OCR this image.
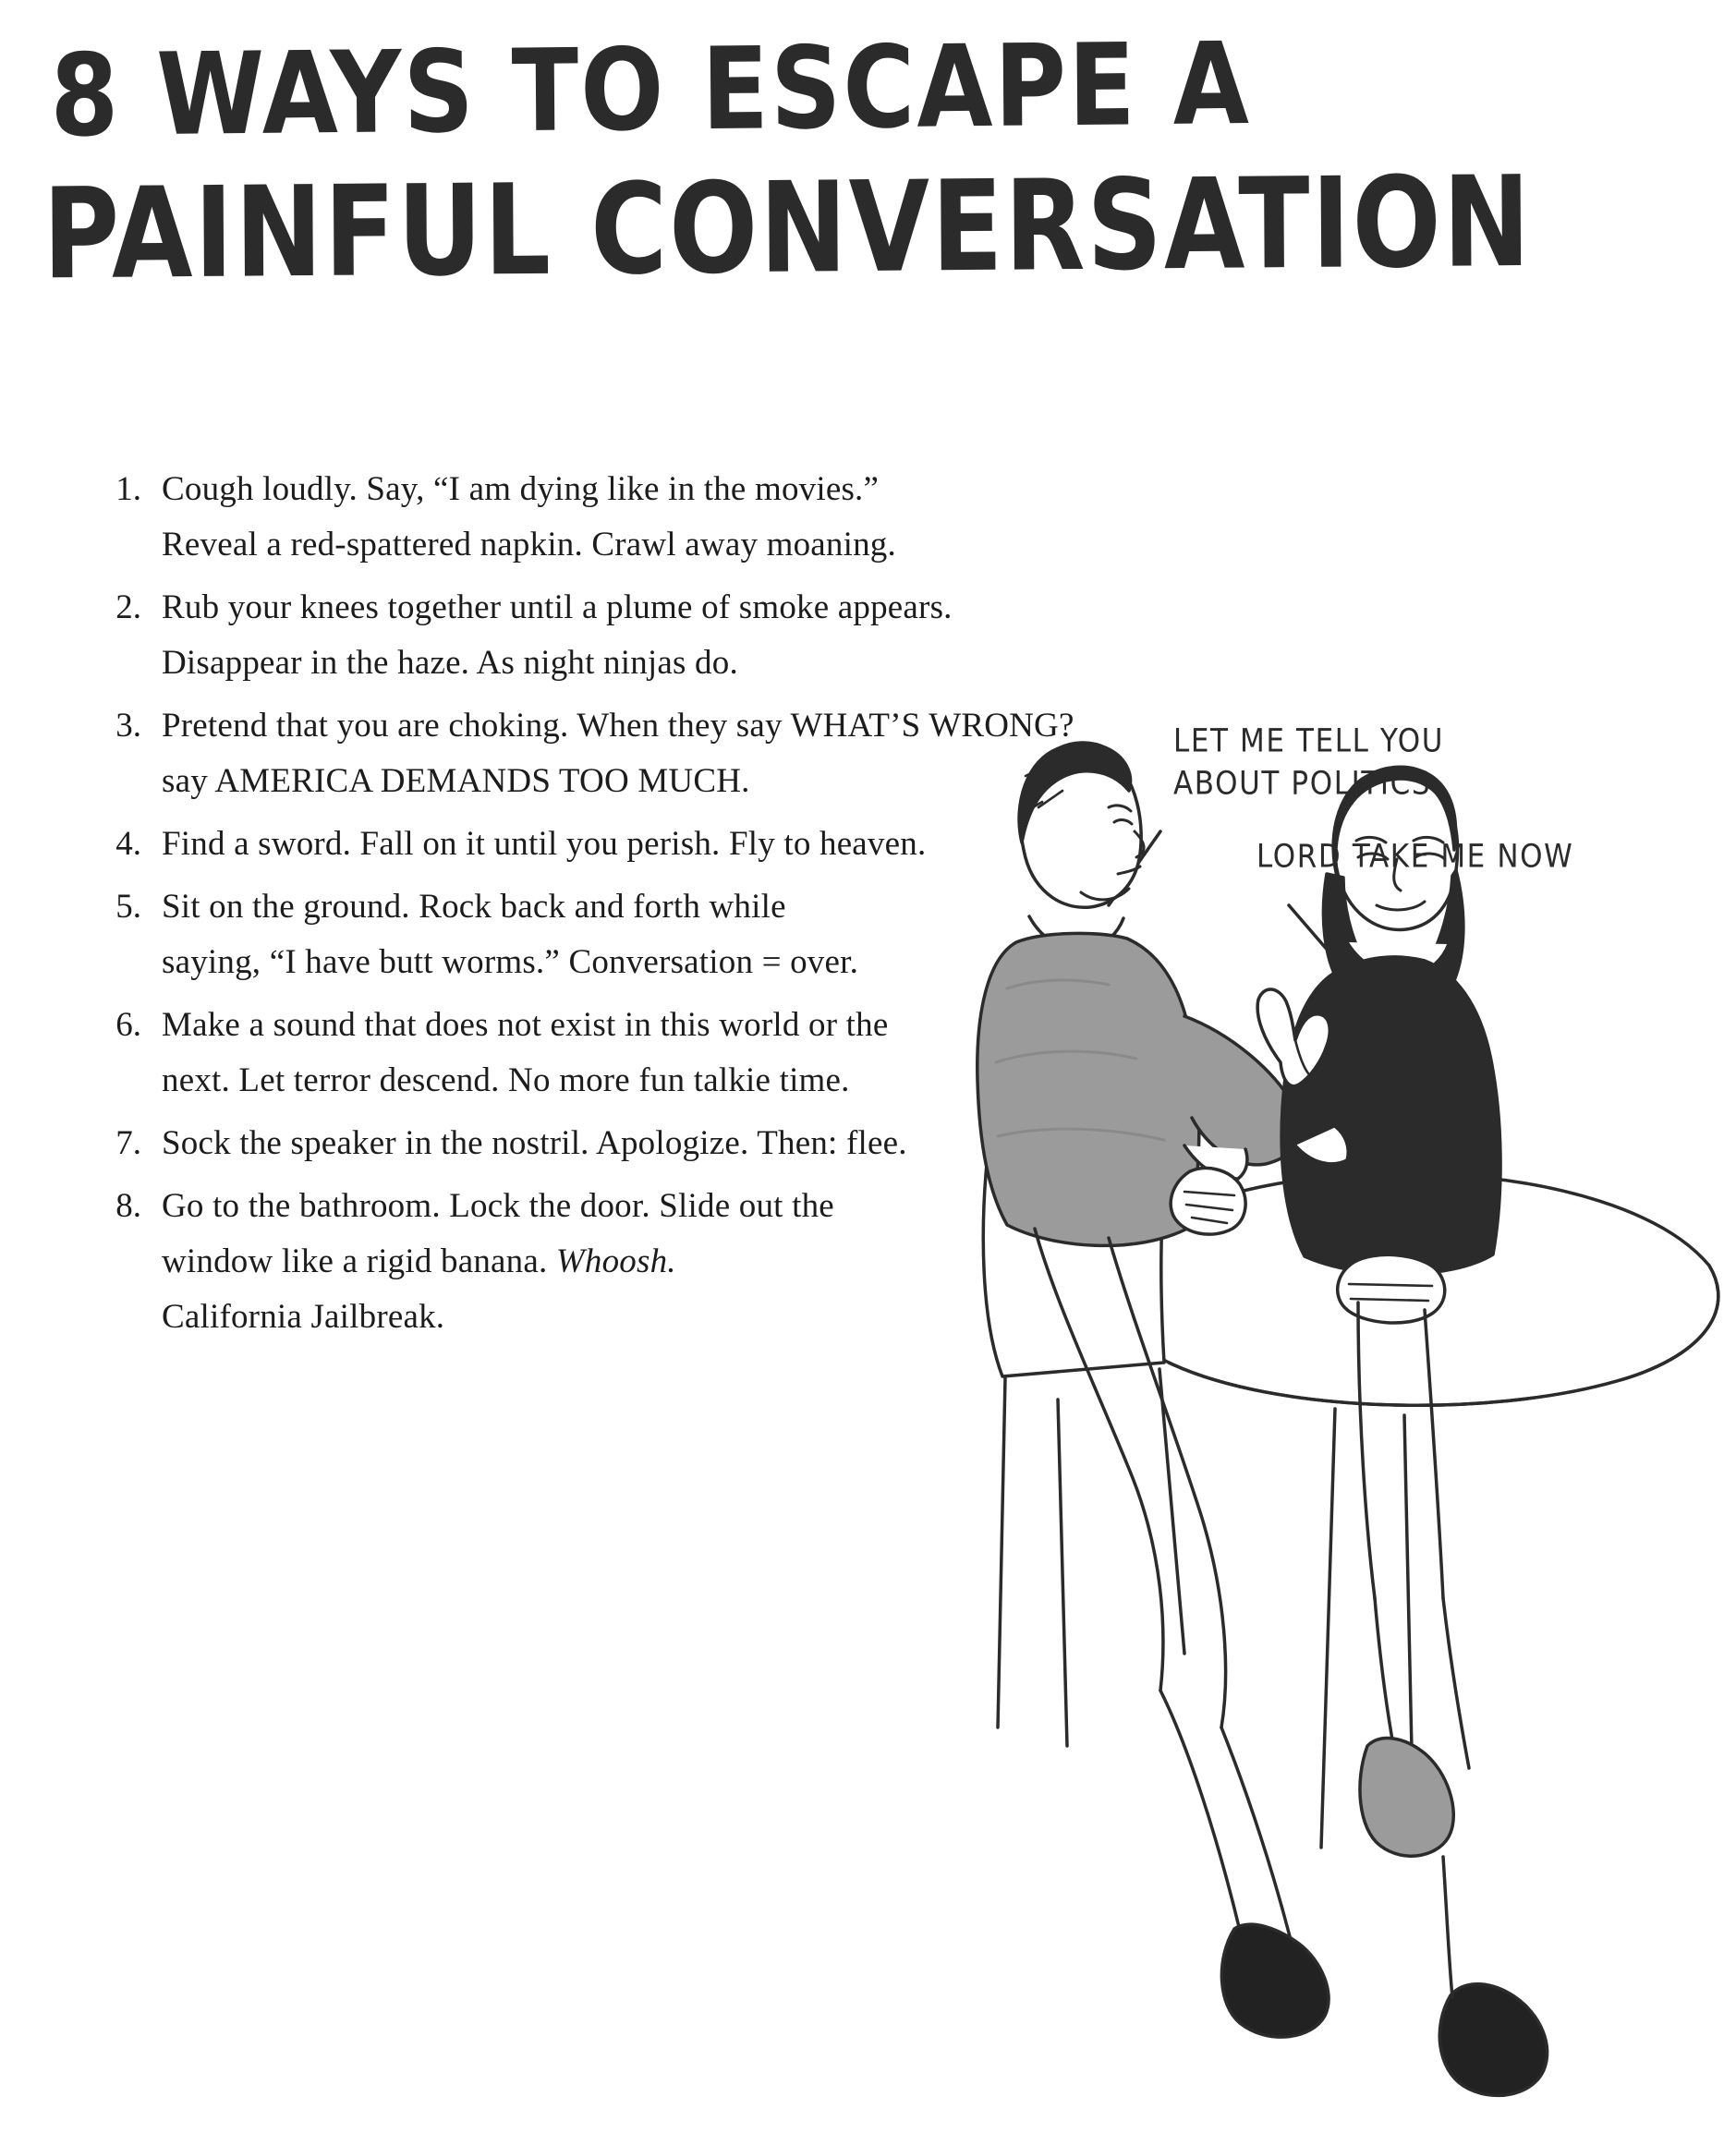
8 WAYS TO ESCAPE A
PAINFUL CONVERSATION
1. Cough loudly. Say, “I am dying like in the movies.”
Reveal a red-spattered napkin. Crawl away moaning.
2. Rub your knees together until a plume of smoke appears.
Disappear in the haze. As night ninjas do.
3. Pretend that you are choking. When they say WHAT’S WRONG?
say AMERICA DEMANDS TOO MUCH.
4. Find a sword. Fall on it until you perish. Fly to heaven.
5. Sit on the ground. Rock back and forth while
saying, “I have butt worms.” Conversation = over.
6. Make a sound that does not exist in this world or the
next. Let terror descend. No more fun talkie time.
7. Sock the speaker in the nostril. Apologize. Then: flee.
8. Go to the bathroom. Lock the door. Slide out the
window like a rigid banana. Whoosh.
California Jailbreak.
LET ME TELL YOU
ABOUT POLITICS
LORD TAKE ME NOW
